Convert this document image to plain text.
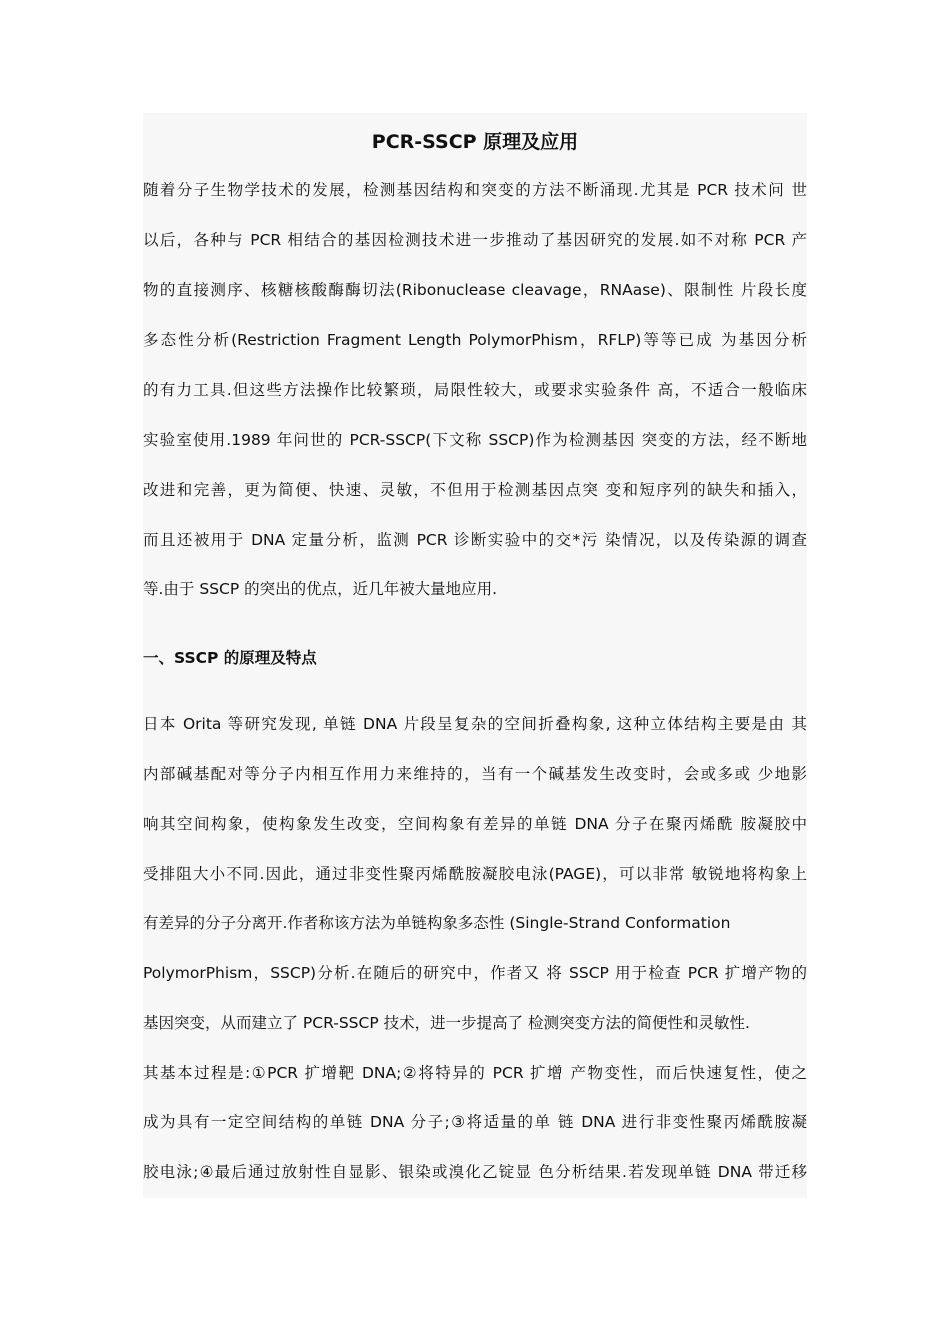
PCR-SSCP 原理及应用

随着分子生物学技术的发展，检测基因结构和突变的方法不断涌现.尤其是 PCR 技术问 世

以后，各种与 PCR 相结合的基因检测技术进一步推动了基因研究的发展.如不对称 PCR 产

物的直接测序、核糖核酸酶酶切法(Ribonuclease cleavage，RNAase)、限制性 片段长度

多态性分析(Restriction Fragment Length PolymorPhism，RFLP)等等已成 为基因分析

的有力工具.但这些方法操作比较繁琐，局限性较大，或要求实验条件 高，不适合一般临床

实验室使用.1989 年问世的 PCR-SSCP(下文称 SSCP)作为检测基因 突变的方法，经不断地

改进和完善，更为简便、快速、灵敏，不但用于检测基因点突 变和短序列的缺失和插入，

而且还被用于 DNA 定量分析，监测 PCR 诊断实验中的交*污 染情况，以及传染源的调查

等.由于 SSCP 的突出的优点，近几年被大量地应用.

一、SSCP 的原理及特点

日本 Orita 等研究发现, 单链 DNA 片段呈复杂的空间折叠构象, 这种立体结构主要是由 其

内部碱基配对等分子内相互作用力来维持的，当有一个碱基发生改变时，会或多或 少地影

响其空间构象，使构象发生改变，空间构象有差异的单链 DNA 分子在聚丙烯酰 胺凝胶中

受排阻大小不同.因此，通过非变性聚丙烯酰胺凝胶电泳(PAGE)，可以非常 敏锐地将构象上

有差异的分子分离开.作者称该方法为单链构象多态性 (Single-Strand Conformation

PolymorPhism，SSCP)分析.在随后的研究中，作者又 将 SSCP 用于检查 PCR 扩增产物的

基因突变，从而建立了 PCR-SSCP 技术，进一步提高了 检测突变方法的简便性和灵敏性.

其基本过程是:①PCR 扩增靶 DNA;②将特异的 PCR 扩增 产物变性，而后快速复性，使之

成为具有一定空间结构的单链 DNA 分子;③将适量的单 链 DNA 进行非变性聚丙烯酰胺凝

胶电泳;④最后通过放射性自显影、银染或溴化乙锭显 色分析结果.若发现单链 DNA 带迁移
